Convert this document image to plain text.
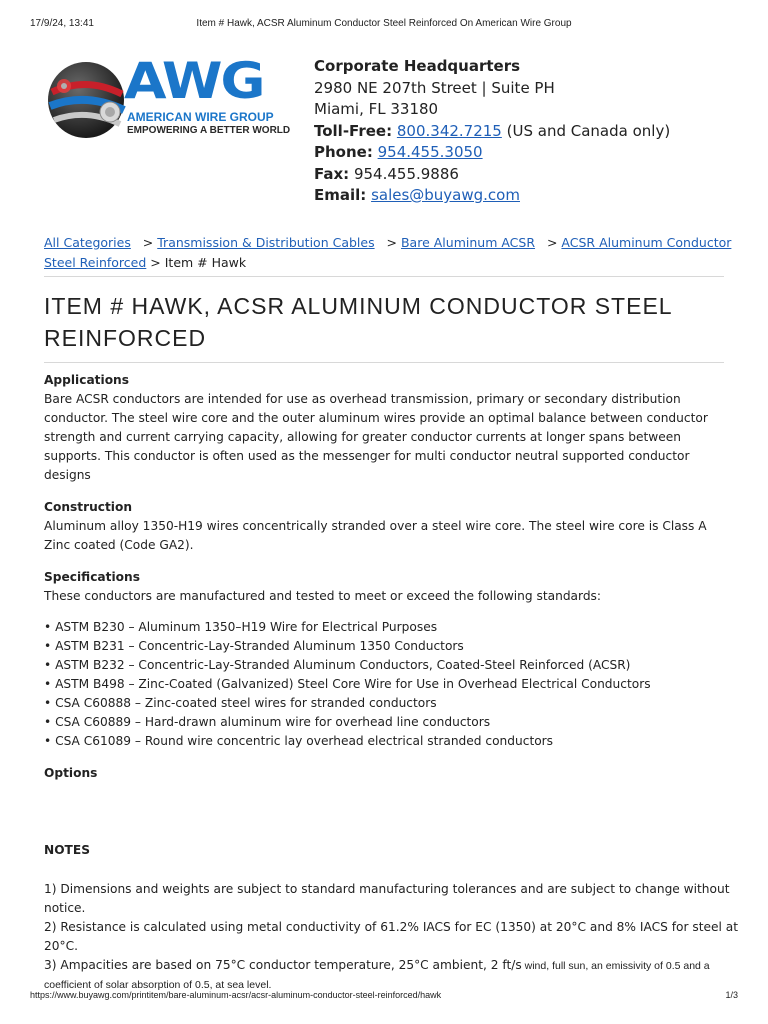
17/9/24, 13:41	Item # Hawk, ACSR Aluminum Conductor Steel Reinforced On American Wire Group
AWG
AMERICAN WIRE GROUP
EMPOWERING A BETTER WORLD
Corporate Headquarters
2980 NE 207th Street | Suite PH
Miami, FL 33180
Toll-Free: 800.342.7215 (US and Canada only)
Phone: 954.455.3050
Fax: 954.455.9886
Email: sales@buyawg.com
All Categories > Transmission & Distribution Cables > Bare Aluminum ACSR > ACSR Aluminum Conductor Steel Reinforced > Item # Hawk
ITEM # HAWK, ACSR ALUMINUM CONDUCTOR STEEL REINFORCED
Applications

Bare ACSR conductors are intended for use as overhead transmission, primary or secondary distribution conductor. The steel wire core and the outer aluminum wires provide an optimal balance between conductor strength and current carrying capacity, allowing for greater conductor currents at longer spans between supports. This conductor is often used as the messenger for multi conductor neutral supported conductor designs

Construction

Aluminum alloy 1350-H19 wires concentrically stranded over a steel wire core. The steel wire core is Class A Zinc coated (Code GA2).

Specifications

These conductors are manufactured and tested to meet or exceed the following standards:

• ASTM B230 – Aluminum 1350–H19 Wire for Electrical Purposes
• ASTM B231 – Concentric-Lay-Stranded Aluminum 1350 Conductors
• ASTM B232 – Concentric-Lay-Stranded Aluminum Conductors, Coated-Steel Reinforced (ACSR)
• ASTM B498 – Zinc-Coated (Galvanized) Steel Core Wire for Use in Overhead Electrical Conductors
• CSA C60888 – Zinc-coated steel wires for stranded conductors
• CSA C60889 – Hard-drawn aluminum wire for overhead line conductors
• CSA C61089 – Round wire concentric lay overhead electrical stranded conductors
Options
NOTES
1) Dimensions and weights are subject to standard manufacturing tolerances and are subject to change without notice.
2) Resistance is calculated using metal conductivity of 61.2% IACS for EC (1350) at 20°C and 8% IACS for steel at 20°C.
3) Ampacities are based on 75°C conductor temperature, 25°C ambient, 2 ft/s wind, full sun, an emissivity of 0.5 and a
coefficient of solar absorption of 0.5, at sea level.
https://www.buyawg.com/printitem/bare-aluminum-acsr/acsr-aluminum-conductor-steel-reinforced/hawk	1/3
